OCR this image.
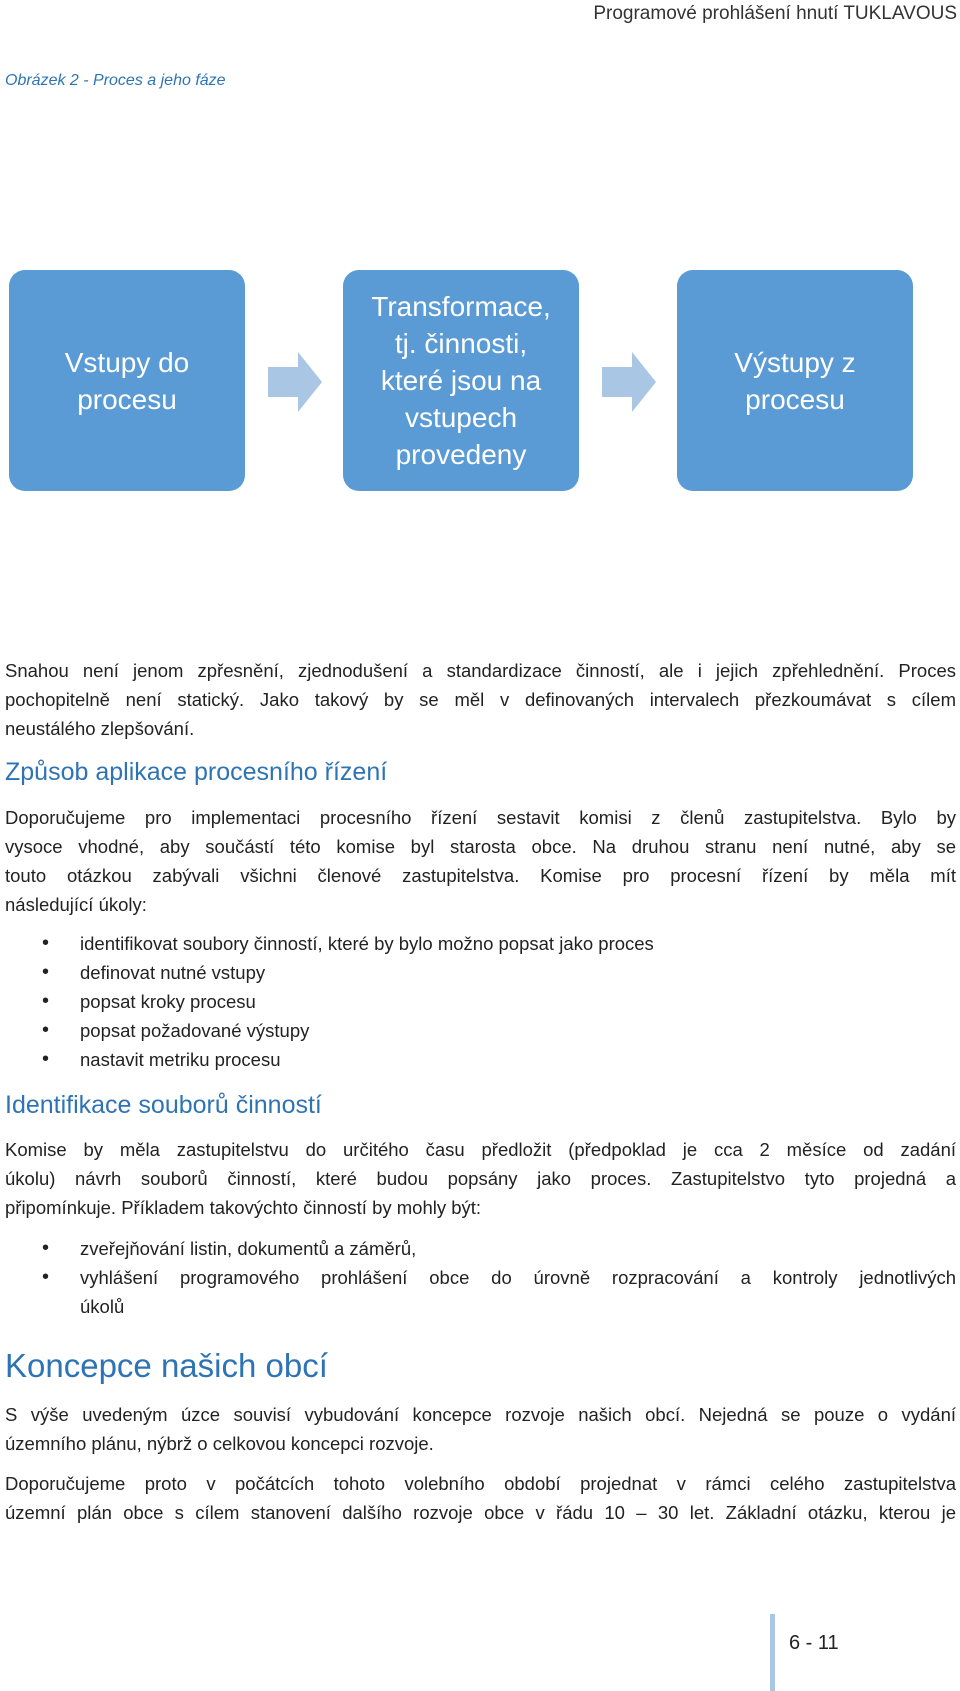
Programové prohlášení hnutí TUKLAVOUS
Obrázek 2 - Proces a jeho fáze
Vstupy do
procesu
Transformace,
tj. činnosti,
které jsou na
vstupech
provedeny
Výstupy z
procesu
Snahou není jenom zpřesnění, zjednodušení a standardizace činností, ale i jejich zpřehlednění. Proces
pochopitelně není statický. Jako takový by se měl v definovaných intervalech přezkoumávat s cílem
neustálého zlepšování.
Způsob aplikace procesního řízení
Doporučujeme pro implementaci procesního řízení sestavit komisi z členů zastupitelstva. Bylo by
vysoce vhodné, aby součástí této komise byl starosta obce. Na druhou stranu není nutné, aby se
touto otázkou zabývali všichni členové zastupitelstva. Komise pro procesní řízení by měla mít
následující úkoly:
• identifikovat soubory činností, které by bylo možno popsat jako proces
• definovat nutné vstupy
• popsat kroky procesu
• popsat požadované výstupy
• nastavit metriku procesu
Identifikace souborů činností
Komise by měla zastupitelstvu do určitého času předložit (předpoklad je cca 2 měsíce od zadání
úkolu) návrh souborů činností, které budou popsány jako proces. Zastupitelstvo tyto projedná a
připomínkuje. Příkladem takovýchto činností by mohly být:
• zveřejňování listin, dokumentů a záměrů,
• vyhlášení programového prohlášení obce do úrovně rozpracování a kontroly jednotlivých
úkolů
Koncepce našich obcí
S výše uvedeným úzce souvisí vybudování koncepce rozvoje našich obcí. Nejedná se pouze o vydání
územního plánu, nýbrž o celkovou koncepci rozvoje.
Doporučujeme proto v počátcích tohoto volebního období projednat v rámci celého zastupitelstva
územní plán obce s cílem stanovení dalšího rozvoje obce v řádu 10 – 30 let. Základní otázku, kterou je
6 - 11
